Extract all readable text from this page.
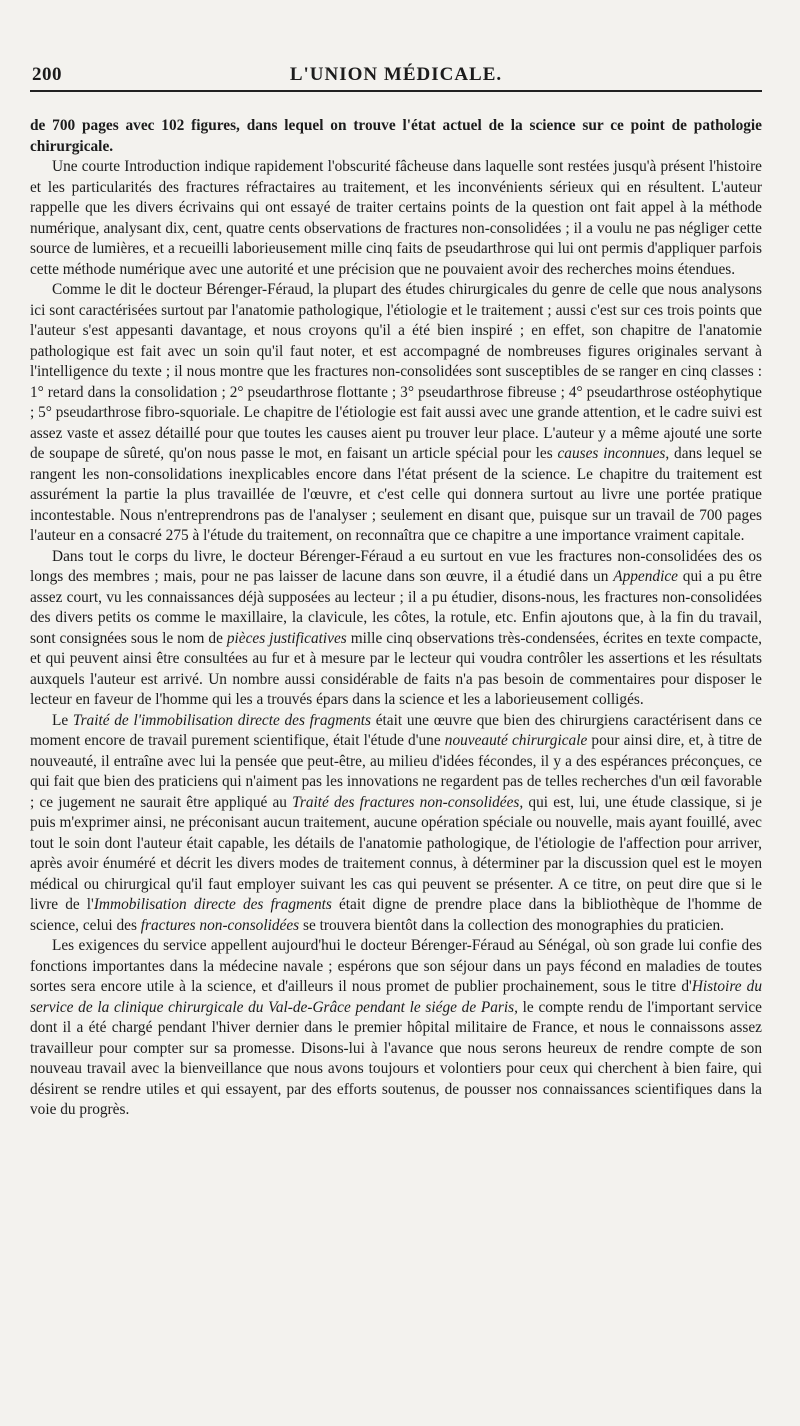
200	L'UNION MÉDICALE.

de 700 pages avec 102 figures, dans lequel on trouve l'état actuel de la science sur ce point de pathologie chirurgicale.

Une courte Introduction indique rapidement l'obscurité fâcheuse dans laquelle sont restées jusqu'à présent l'histoire et les particularités des fractures réfractaires au traitement, et les inconvénients sérieux qui en résultent. L'auteur rappelle que les divers écrivains qui ont essayé de traiter certains points de la question ont fait appel à la méthode numérique, analysant dix, cent, quatre cents observations de fractures non-consolidées ; il a voulu ne pas négliger cette source de lumières, et a recueilli laborieusement mille cinq faits de pseudarthrose qui lui ont permis d'appliquer parfois cette méthode numérique avec une autorité et une précision que ne pouvaient avoir des recherches moins étendues.

Comme le dit le docteur Bérenger-Féraud, la plupart des études chirurgicales du genre de celle que nous analysons ici sont caractérisées surtout par l'anatomie pathologique, l'étiologie et le traitement ; aussi c'est sur ces trois points que l'auteur s'est appesanti davantage, et nous croyons qu'il a été bien inspiré ; en effet, son chapitre de l'anatomie pathologique est fait avec un soin qu'il faut noter, et est accompagné de nombreuses figures originales servant à l'intelligence du texte ; il nous montre que les fractures non-consolidées sont susceptibles de se ranger en cinq classes : 1° retard dans la consolidation ; 2° pseudarthrose flottante ; 3° pseudarthrose fibreuse ; 4° pseudarthrose ostéophytique ; 5° pseudarthrose fibro-squoriale. Le chapitre de l'étiologie est fait aussi avec une grande attention, et le cadre suivi est assez vaste et assez détaillé pour que toutes les causes aient pu trouver leur place. L'auteur y a même ajouté une sorte de soupape de sûreté, qu'on nous passe le mot, en faisant un article spécial pour les causes inconnues, dans lequel se rangent les non-consolidations inexplicables encore dans l'état présent de la science. Le chapitre du traitement est assurément la partie la plus travaillée de l'œuvre, et c'est celle qui donnera surtout au livre une portée pratique incontestable. Nous n'entreprendrons pas de l'analyser ; seulement en disant que, puisque sur un travail de 700 pages l'auteur en a consacré 275 à l'étude du traitement, on reconnaîtra que ce chapitre a une importance vraiment capitale.

Dans tout le corps du livre, le docteur Bérenger-Féraud a eu surtout en vue les fractures non-consolidées des os longs des membres ; mais, pour ne pas laisser de lacune dans son œuvre, il a étudié dans un Appendice qui a pu être assez court, vu les connaissances déjà supposées au lecteur ; il a pu étudier, disons-nous, les fractures non-consolidées des divers petits os comme le maxillaire, la clavicule, les côtes, la rotule, etc. Enfin ajoutons que, à la fin du travail, sont consignées sous le nom de pièces justificatives mille cinq observations très-condensées, écrites en texte compacte, et qui peuvent ainsi être consultées au fur et à mesure par le lecteur qui voudra contrôler les assertions et les résultats auxquels l'auteur est arrivé. Un nombre aussi considérable de faits n'a pas besoin de commentaires pour disposer le lecteur en faveur de l'homme qui les a trouvés épars dans la science et les a laborieusement colligés.

Le Traité de l'immobilisation directe des fragments était une œuvre que bien des chirurgiens caractérisent dans ce moment encore de travail purement scientifique, était l'étude d'une nouveauté chirurgicale pour ainsi dire, et, à titre de nouveauté, il entraîne avec lui la pensée que peut-être, au milieu d'idées fécondes, il y a des espérances préconçues, ce qui fait que bien des praticiens qui n'aiment pas les innovations ne regardent pas de telles recherches d'un œil favorable ; ce jugement ne saurait être appliqué au Traité des fractures non-consolidées, qui est, lui, une étude classique, si je puis m'exprimer ainsi, ne préconisant aucun traitement, aucune opération spéciale ou nouvelle, mais ayant fouillé, avec tout le soin dont l'auteur était capable, les détails de l'anatomie pathologique, de l'étiologie de l'affection pour arriver, après avoir énuméré et décrit les divers modes de traitement connus, à déterminer par la discussion quel est le moyen médical ou chirurgical qu'il faut employer suivant les cas qui peuvent se présenter. A ce titre, on peut dire que si le livre de l'Immobilisation directe des fragments était digne de prendre place dans la bibliothèque de l'homme de science, celui des fractures non-consolidées se trouvera bientôt dans la collection des monographies du praticien.

Les exigences du service appellent aujourd'hui le docteur Bérenger-Féraud au Sénégal, où son grade lui confie des fonctions importantes dans la médecine navale ; espérons que son séjour dans un pays fécond en maladies de toutes sortes sera encore utile à la science, et d'ailleurs il nous promet de publier prochainement, sous le titre d'Histoire du service de la clinique chirurgicale du Val-de-Grâce pendant le siége de Paris, le compte rendu de l'important service dont il a été chargé pendant l'hiver dernier dans le premier hôpital militaire de France, et nous le connaissons assez travailleur pour compter sur sa promesse. Disons-lui à l'avance que nous serons heureux de rendre compte de son nouveau travail avec la bienveillance que nous avons toujours et volontiers pour ceux qui cherchent à bien faire, qui désirent se rendre utiles et qui essayent, par des efforts soutenus, de pousser nos connaissances scientifiques dans la voie du progrès.
